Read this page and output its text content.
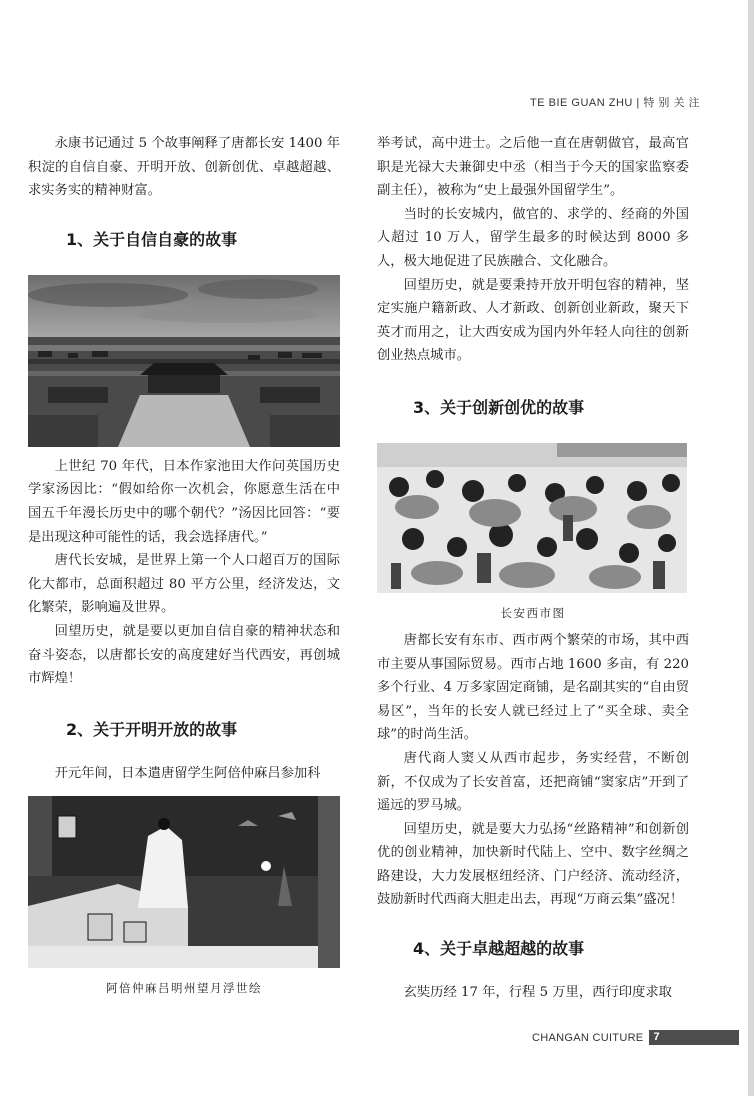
TE BIE GUAN ZHU | 特 别 关 注

永康书记通过 5 个故事阐释了唐都长安 1400 年积淀的自信自豪、开明开放、创新创优、卓越超越、求实务实的精神财富。

1、关于自信自豪的故事

上世纪 70 年代，日本作家池田大作问英国历史学家汤因比：“假如给你一次机会，你愿意生活在中国五千年漫长历史中的哪个朝代？”汤因比回答：“要是出现这种可能性的话，我会选择唐代。”

唐代长安城，是世界上第一个人口超百万的国际化大都市，总面积超过 80 平方公里，经济发达，文化繁荣，影响遍及世界。

回望历史，就是要以更加自信自豪的精神状态和奋斗姿态，以唐都长安的高度建好当代西安，再创城市辉煌！

2、关于开明开放的故事

开元年间，日本遣唐留学生阿倍仲麻吕参加科

阿倍仲麻吕明州望月浮世绘

举考试，高中进士。之后他一直在唐朝做官，最高官职是光禄大夫兼御史中丞（相当于今天的国家监察委副主任），被称为“史上最强外国留学生”。

当时的长安城内，做官的、求学的、经商的外国人超过 10 万人，留学生最多的时候达到 8000 多人，极大地促进了民族融合、文化融合。

回望历史，就是要秉持开放开明包容的精神，坚定实施户籍新政、人才新政、创新创业新政，聚天下英才而用之，让大西安成为国内外年轻人向往的创新创业热点城市。

3、关于创新创优的故事
长安西市图

唐都长安有东市、西市两个繁荣的市场，其中西市主要从事国际贸易。西市占地 1600 多亩，有 220 多个行业、4 万多家固定商铺，是名副其实的“自由贸易区”，当年的长安人就已经过上了“买全球、卖全球”的时尚生活。

唐代商人窦乂从西市起步，务实经营，不断创新，不仅成为了长安首富，还把商铺“窦家店”开到了遥远的罗马城。

回望历史，就是要大力弘扬“丝路精神”和创新创优的创业精神，加快新时代陆上、空中、数字丝绸之路建设，大力发展枢纽经济、门户经济、流动经济，鼓励新时代西商大胆走出去，再现“万商云集”盛况！

4、关于卓越超越的故事

玄奘历经 17 年，行程 5 万里，西行印度求取

CHANGAN CUITURE 7
